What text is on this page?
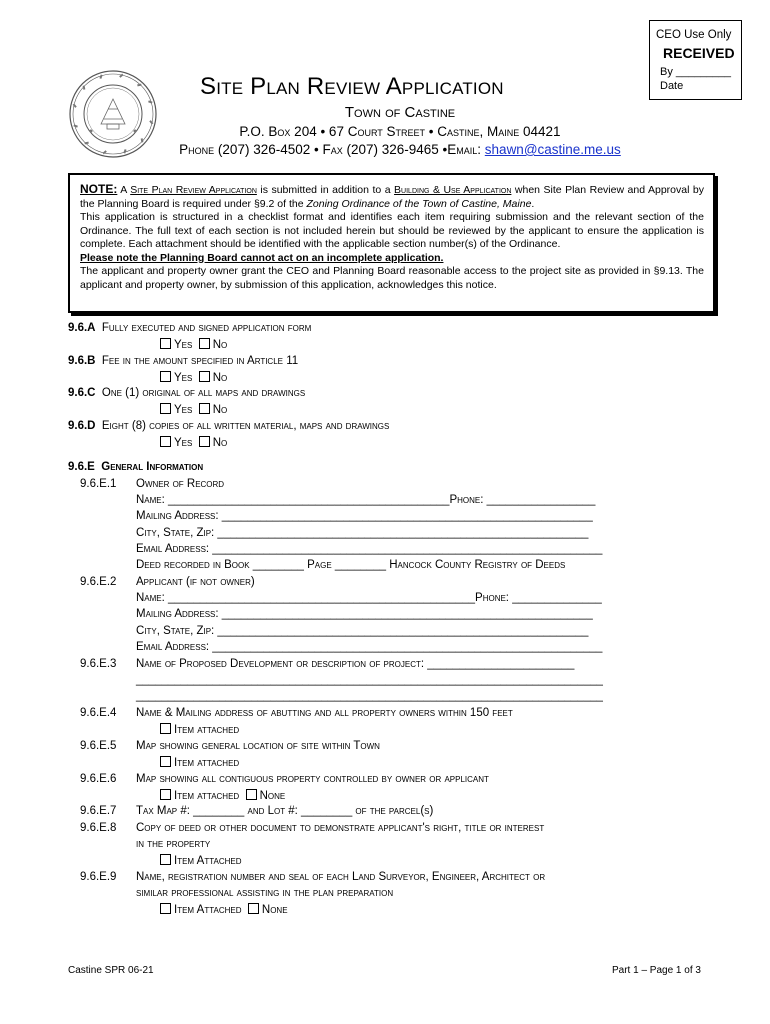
CEO Use Only
RECEIVED
By _________
Date
Site Plan Review Application
Town of Castine
P.O. Box 204 • 67 Court Street • Castine, Maine 04421
Phone (207) 326-4502 • Fax (207) 326-9465 •Email: shawn@castine.me.us

NOTE: A Site Plan Review Application is submitted in addition to a Building & Use Application when Site Plan Review and Approval by the Planning Board is required under §9.2 of the Zoning Ordinance of the Town of Castine, Maine.

This application is structured in a checklist format and identifies each item requiring submission and the relevant section of the Ordinance. The full text of each section is not included herein but should be reviewed by the applicant to ensure the application is complete. Each attachment should be identified with the applicable section number(s) of the Ordinance.

Please note the Planning Board cannot act on an incomplete application.

The applicant and property owner grant the CEO and Planning Board reasonable access to the project site as provided in §9.13. The applicant and property owner, by submission of this application, acknowledges this notice.

9.6.A Fully executed and signed application form
Yes No
9.6.B Fee in the amount specified in Article 11
Yes No
9.6.C One (1) original of all maps and drawings
Yes No
9.6.D Eight (8) copies of all written material, maps and drawings
Yes No
9.6.E General Information
9.6.E.1 Owner of Record
Name: ____________________________________________Phone: _________________
Mailing Address: __________________________________________________________
City, State, Zip: __________________________________________________________
Email Address: _____________________________________________________________
Deed recorded in Book ________ Page ________ Hancock County Registry of Deeds
9.6.E.2 Applicant (if not owner)
Name: ________________________________________________Phone: ______________
Mailing Address: __________________________________________________________
City, State, Zip: __________________________________________________________
Email Address: _____________________________________________________________
9.6.E.3 Name of Proposed Development or description of project: _______________________
_________________________________________________________________________
_________________________________________________________________________
9.6.E.4 Name & Mailing address of abutting and all property owners within 150 feet
Item attached
9.6.E.5 Map showing general location of site within Town
Item attached
9.6.E.6 Map showing all contiguous property controlled by owner or applicant
Item attached None
9.6.E.7 Tax Map #: ________ and Lot #: ________ of the parcel(s)
9.6.E.8 Copy of deed or other document to demonstrate applicant's right, title or interest
in the property
Item Attached
9.6.E.9 Name, registration number and seal of each Land Surveyor, Engineer, Architect or
similar professional assisting in the plan preparation
Item Attached None
Castine SPR 06-21	Part 1 – Page 1 of 3
